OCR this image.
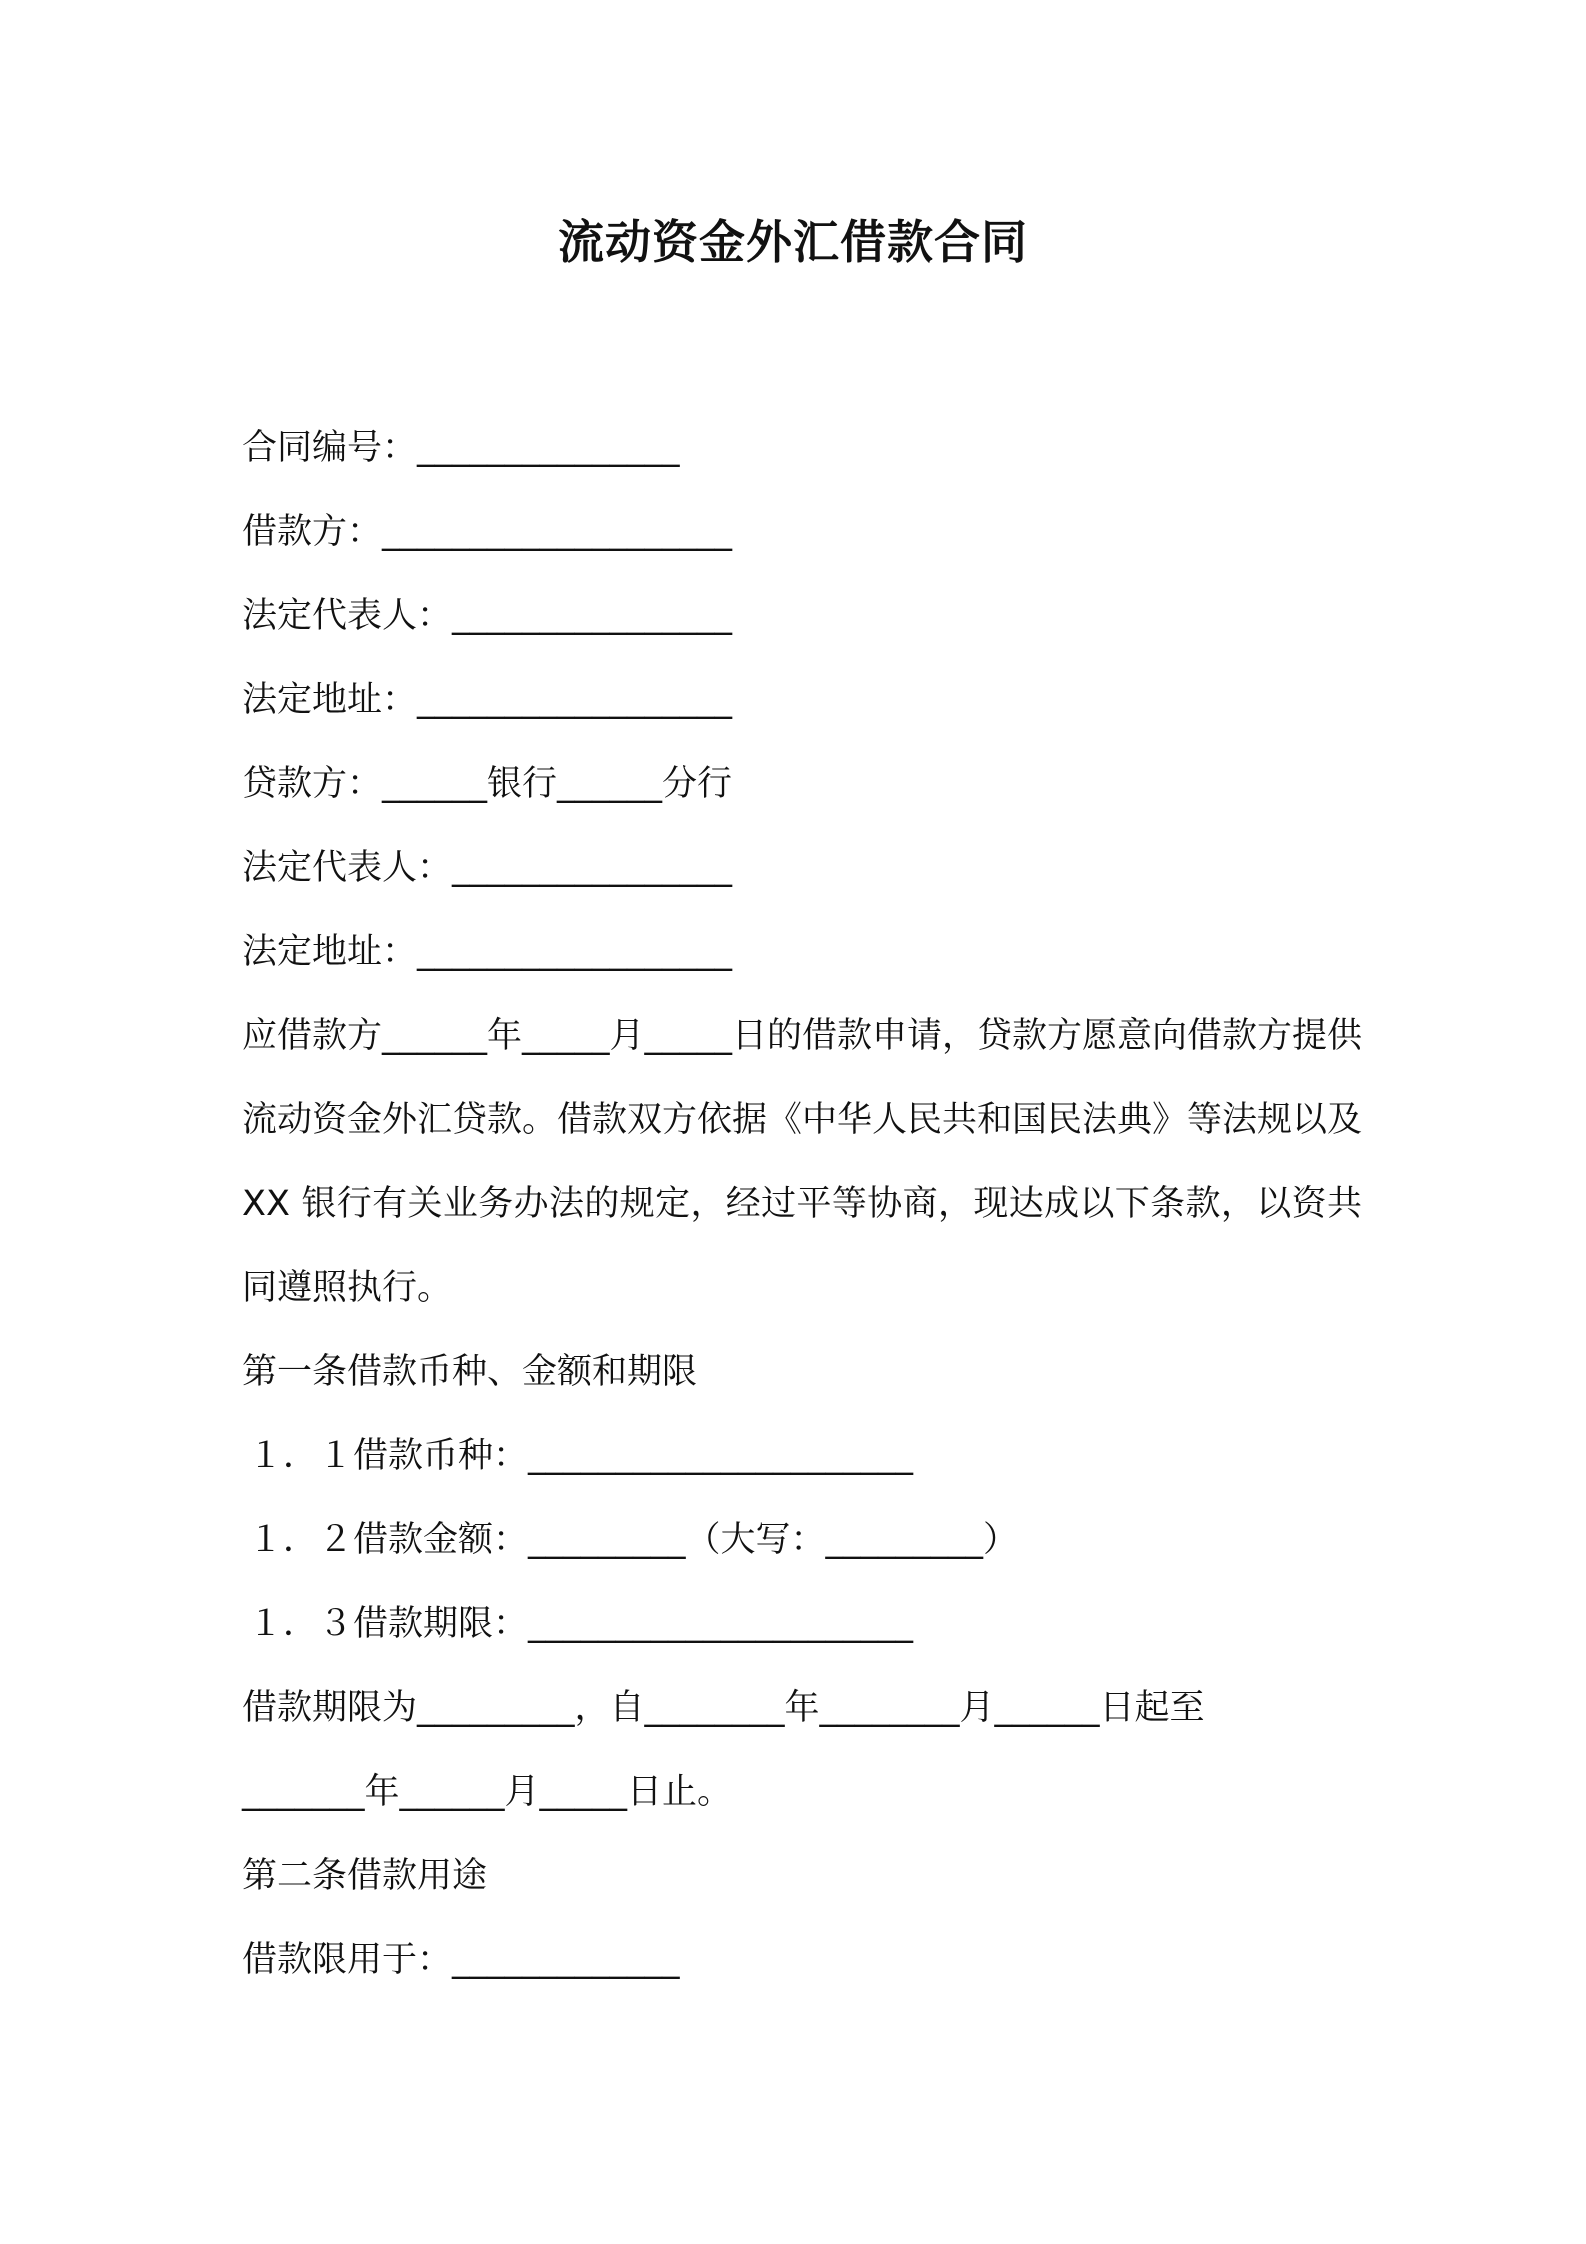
流动资金外汇借款合同
合同编号：_______________
借款方：____________________
法定代表人：________________
法定地址：__________________
贷款方：______银行______分行
法定代表人：________________
法定地址：__________________
应借款方______年_____月_____日的借款申请，贷款方愿意向借款方提供流动资金外汇贷款。借款双方依据《中华人民共和国民法典》等法规以及 XX 银行有关业务办法的规定，经过平等协商，现达成以下条款，以资共同遵照执行。
第一条借款币种、金额和期限
１．１借款币种：______________________
１．２借款金额：_________（大写：_________）
１．３借款期限：______________________
借款期限为_________，自________年________月______日起至
_______年______月_____日止。
第二条借款用途
借款限用于：_____________
